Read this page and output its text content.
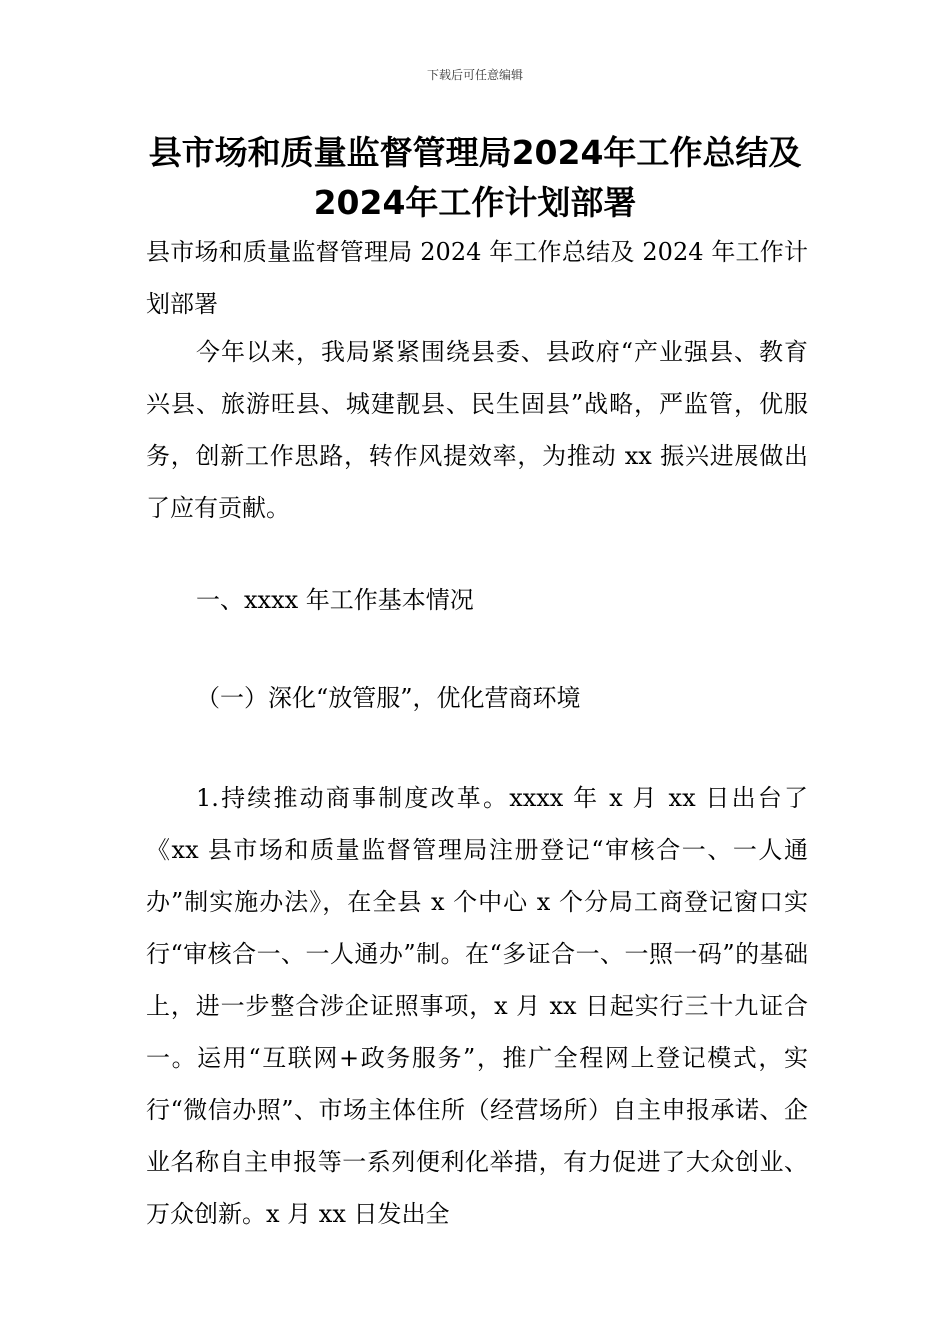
下载后可任意编辑
县市场和质量监督管理局2024年工作总结及2024年工作计划部署

县市场和质量监督管理局 2024 年工作总结及 2024 年工作计划部署

今年以来，我局紧紧围绕县委、县政府“产业强县、教育兴县、旅游旺县、城建靓县、民生固县”战略，严监管，优服务，创新工作思路，转作风提效率，为推动 xx 振兴进展做出了应有贡献。

一、xxxx 年工作基本情况

（一）深化“放管服”，优化营商环境

1.持续推动商事制度改革。xxxx 年 x 月 xx 日出台了《xx 县市场和质量监督管理局注册登记“审核合一、一人通办”制实施办法》，在全县 x 个中心 x 个分局工商登记窗口实行“审核合一、一人通办”制。在“多证合一、一照一码”的基础上，进一步整合涉企证照事项，x 月 xx 日起实行三十九证合一。运用“互联网+政务服务”，推广全程网上登记模式，实行“微信办照”、市场主体住所（经营场所）自主申报承诺、企业名称自主申报等一系列便利化举措，有力促进了大众创业、万众创新。x 月 xx 日发出全
